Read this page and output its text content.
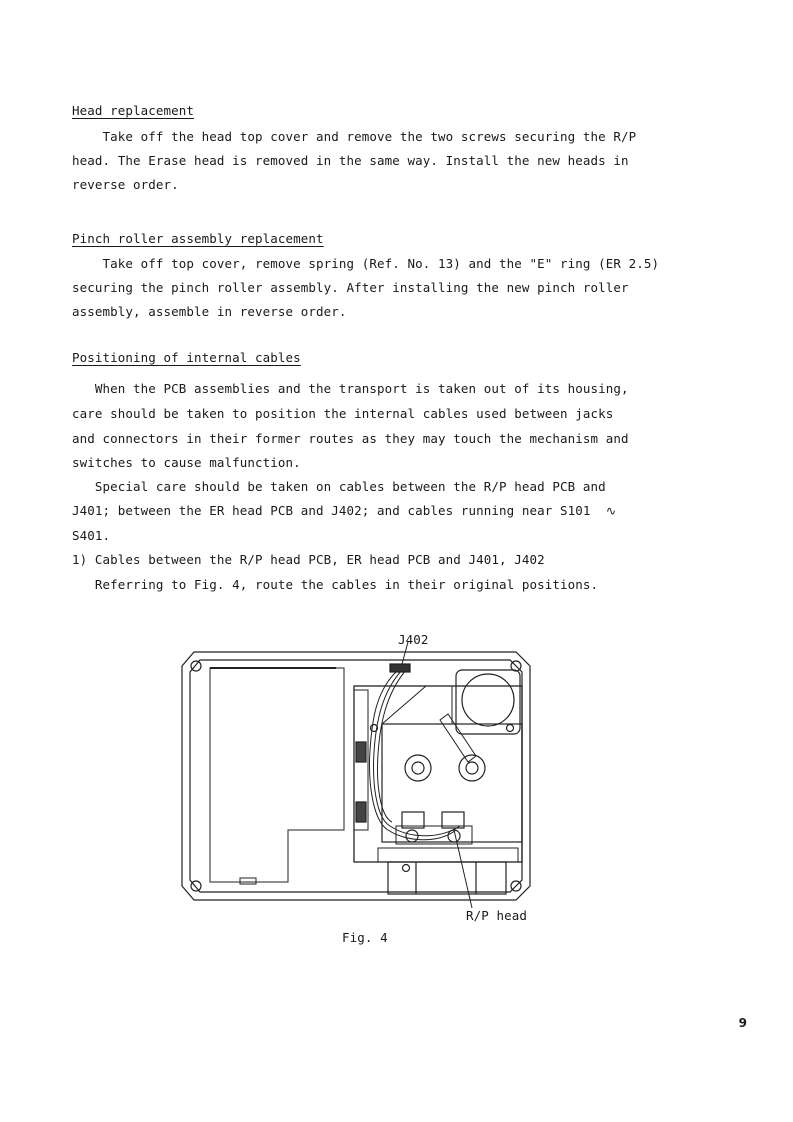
Head replacement
Take off the head top cover and remove the two screws securing the R/P
head. The Erase head is removed in the same way. Install the new heads in
reverse order.
Pinch roller assembly replacement
Take off top cover, remove spring (Ref. No. 13) and the "E" ring (ER 2.5)
securing the pinch roller assembly. After installing the new pinch roller
assembly, assemble in reverse order.
Positioning of internal cables
When the PCB assemblies and the transport is taken out of its housing,
care should be taken to position the internal cables used between jacks
and connectors in their former routes as they may touch the mechanism and
switches to cause malfunction.
Special care should be taken on cables between the R/P head PCB and
J401; between the ER head PCB and J402; and cables running near S101  ∿
S401.
1) Cables between the R/P head PCB, ER head PCB and J401, J402
Referring to Fig. 4, route the cables in their original positions.
J402
R/P head
Fig. 4
9
